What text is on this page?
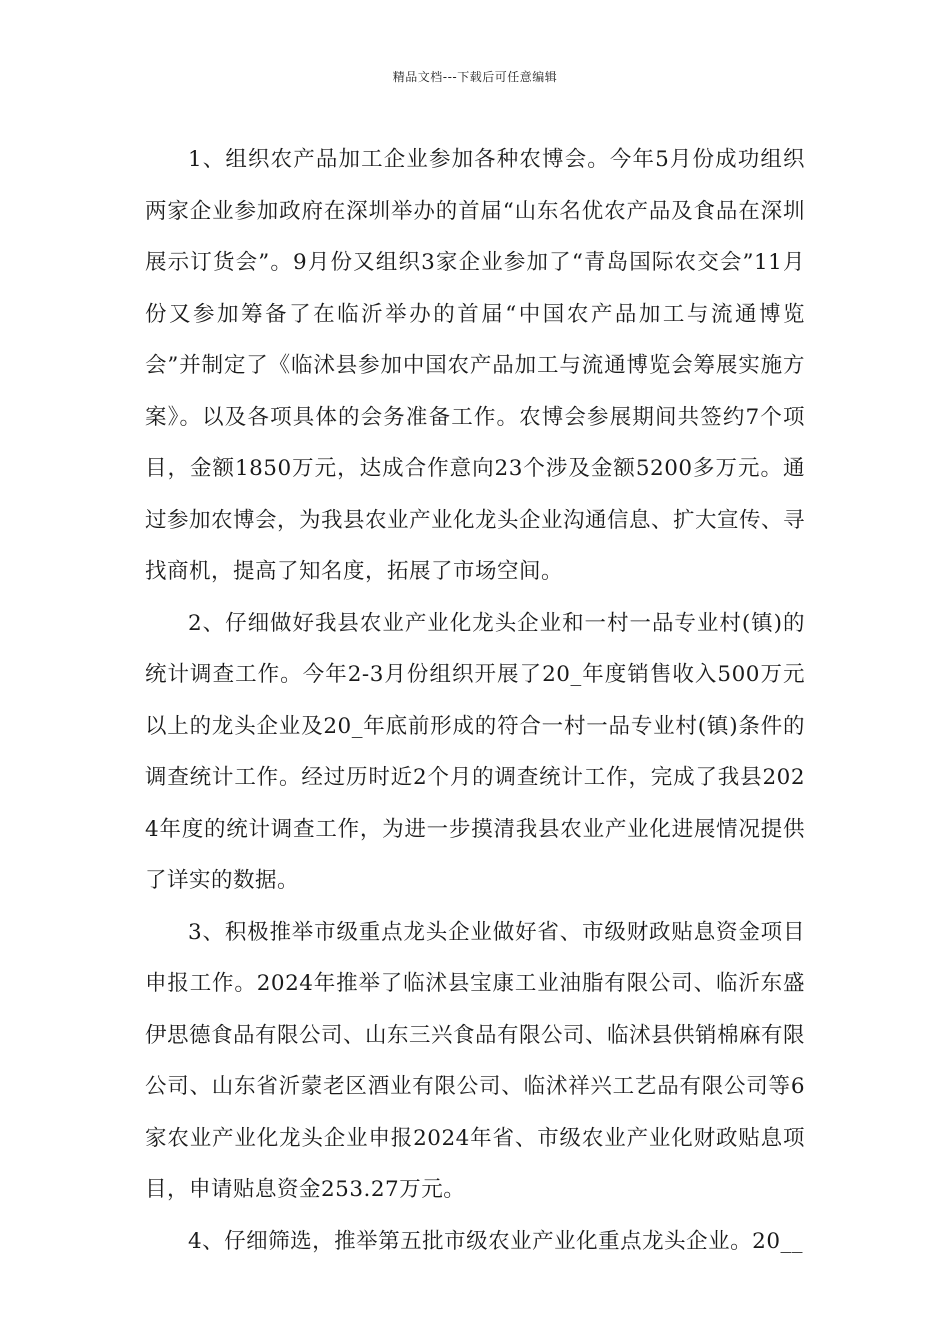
精品文档---下载后可任意编辑

1、组织农产品加工企业参加各种农博会。今年5月份成功组织两家企业参加政府在深圳举办的首届“山东名优农产品及食品在深圳展示订货会”。9月份又组织3家企业参加了“青岛国际农交会”11月份又参加筹备了在临沂举办的首届“中国农产品加工与流通博览会”并制定了《临沭县参加中国农产品加工与流通博览会筹展实施方案》。以及各项具体的会务准备工作。农博会参展期间共签约7个项目，金额1850万元，达成合作意向23个涉及金额5200多万元。通过参加农博会，为我县农业产业化龙头企业沟通信息、扩大宣传、寻找商机，提高了知名度，拓展了市场空间。

2、仔细做好我县农业产业化龙头企业和一村一品专业村(镇)的统计调查工作。今年2-3月份组织开展了20_年度销售收入500万元以上的龙头企业及20_年底前形成的符合一村一品专业村(镇)条件的调查统计工作。经过历时近2个月的调查统计工作，完成了我县2024年度的统计调查工作，为进一步摸清我县农业产业化进展情况提供了详实的数据。

3、积极推举市级重点龙头企业做好省、市级财政贴息资金项目申报工作。2024年推举了临沭县宝康工业油脂有限公司、临沂东盛伊思德食品有限公司、山东三兴食品有限公司、临沭县供销棉麻有限公司、山东省沂蒙老区酒业有限公司、临沭祥兴工艺品有限公司等6家农业产业化龙头企业申报2024年省、市级农业产业化财政贴息项目，申请贴息资金253.27万元。

4、仔细筛选，推举第五批市级农业产业化重点龙头企业。20__
